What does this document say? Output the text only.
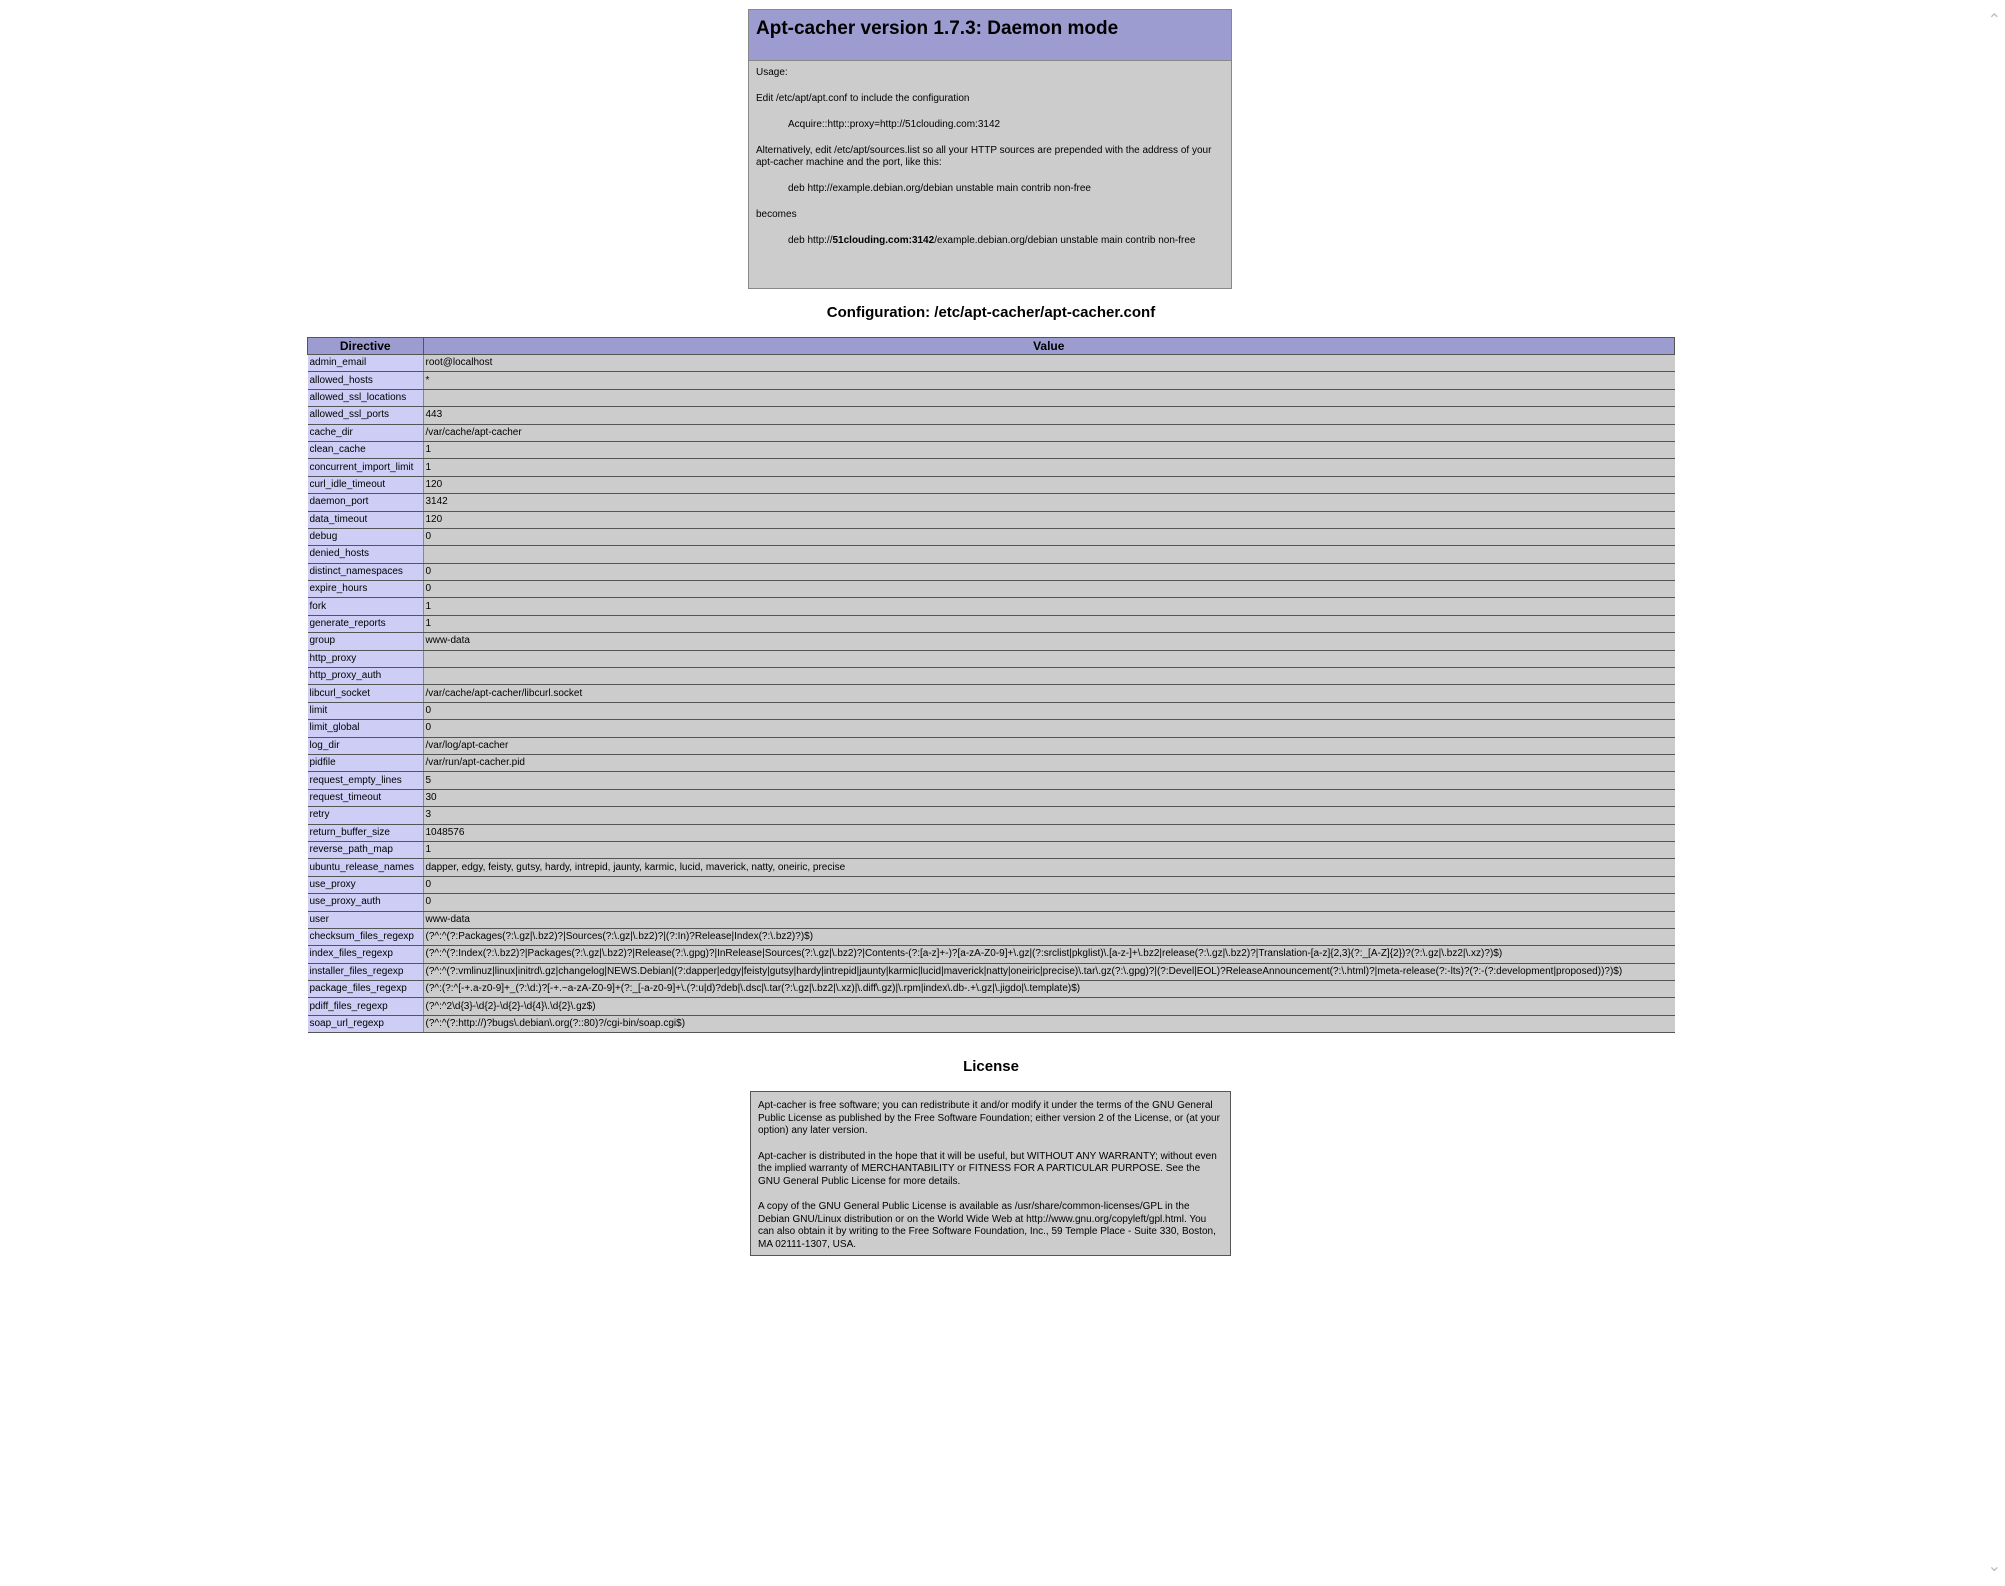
Apt-cacher version 1.7.3: Daemon mode

Usage:

Edit /etc/apt/apt.conf to include the configuration

Acquire::http::proxy=http://51clouding.com:3142

Alternatively, edit /etc/apt/sources.list so all your HTTP sources are prepended with the address of your apt-cacher machine and the port, like this:

deb http://example.debian.org/debian unstable main contrib non-free

becomes

deb http://51clouding.com:3142/example.debian.org/debian unstable main contrib non-free

Configuration: /etc/apt-cacher/apt-cacher.conf
Directive	Value
admin_email	root@localhost
allowed_hosts	*
allowed_ssl_locations	
allowed_ssl_ports	443
cache_dir	/var/cache/apt-cacher
clean_cache	1
concurrent_import_limit	1
curl_idle_timeout	120
daemon_port	3142
data_timeout	120
debug	0
denied_hosts	
distinct_namespaces	0
expire_hours	0
fork	1
generate_reports	1
group	www-data
http_proxy	
http_proxy_auth	
libcurl_socket	/var/cache/apt-cacher/libcurl.socket
limit	0
limit_global	0
log_dir	/var/log/apt-cacher
pidfile	/var/run/apt-cacher.pid
request_empty_lines	5
request_timeout	30
retry	3
return_buffer_size	1048576
reverse_path_map	1
ubuntu_release_names	dapper, edgy, feisty, gutsy, hardy, intrepid, jaunty, karmic, lucid, maverick, natty, oneiric, precise
use_proxy	0
use_proxy_auth	0
user	www-data
checksum_files_regexp	(?^:^(?:Packages(?:\.gz|\.bz2)?|Sources(?:\.gz|\.bz2)?|(?:In)?Release|Index(?:\.bz2)?)$)
index_files_regexp	(?^:^(?:Index(?:\.bz2)?|Packages(?:\.gz|\.bz2)?|Release(?:\.gpg)?|InRelease|Sources(?:\.gz|\.bz2)?|Contents-(?:[a-z]+-)?[a-zA-Z0-9]+\.gz|(?:srclist|pkglist)\.[a-z-]+\.bz2|release(?:\.gz|\.bz2)?|Translation-[a-z]{2,3}(?:_[A-Z]{2})?(?:\.gz|\.bz2|\.xz)?)$)
installer_files_regexp	(?^:^(?:vmlinuz|linux|initrd\.gz|changelog|NEWS.Debian|(?:dapper|edgy|feisty|gutsy|hardy|intrepid|jaunty|karmic|lucid|maverick|natty|oneiric|precise)\.tar\.gz(?:\.gpg)?|(?:Devel|EOL)?ReleaseAnnouncement(?:\.html)?|meta-release(?:-lts)?(?:-(?:development|proposed))?)$)
package_files_regexp	(?^:(?:^[-+.a-z0-9]+_(?:\d:)?[-+.~a-zA-Z0-9]+(?:_[-a-z0-9]+\.(?:u|d)?deb|\.dsc|\.tar(?:\.gz|\.bz2|\.xz)|\.diff\.gz)|\.rpm|index\.db-.+\.gz|\.jigdo|\.template)$)
pdiff_files_regexp	(?^:^2\d{3}-\d{2}-\d{2}-\d{4}\.\d{2}\.gz$)
soap_url_regexp	(?^:^(?:http://)?bugs\.debian\.org(?::80)?/cgi-bin/soap.cgi$)
License

Apt-cacher is free software; you can redistribute it and/or modify it under the terms of the GNU General Public License as published by the Free Software Foundation; either version 2 of the License, or (at your option) any later version.

Apt-cacher is distributed in the hope that it will be useful, but WITHOUT ANY WARRANTY; without even the implied warranty of MERCHANTABILITY or FITNESS FOR A PARTICULAR PURPOSE. See the GNU General Public License for more details.

A copy of the GNU General Public License is available as /usr/share/common-licenses/GPL in the Debian GNU/Linux distribution or on the World Wide Web at http://www.gnu.org/copyleft/gpl.html. You can also obtain it by writing to the Free Software Foundation, Inc., 59 Temple Place - Suite 330, Boston, MA 02111-1307, USA.

⌃
⌄
